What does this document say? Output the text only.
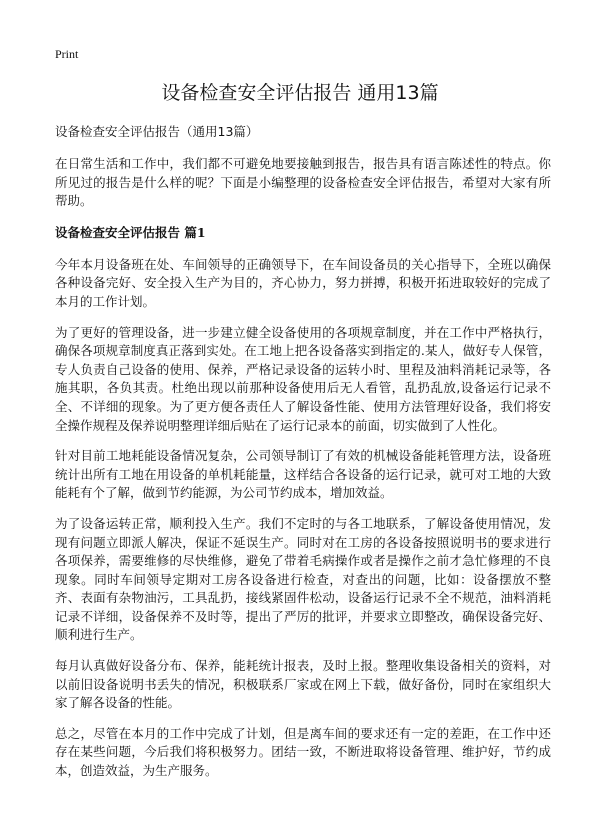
Print
设备检查安全评估报告 通用13篇

设备检查安全评估报告（通用13篇）

在日常生活和工作中，我们都不可避免地要接触到报告，报告具有语言陈述性的特点。你所见过的报告是什么样的呢？下面是小编整理的设备检查安全评估报告，希望对大家有所帮助。

设备检查安全评估报告 篇1

今年本月设备班在处、车间领导的正确领导下，在车间设备员的关心指导下，全班以确保各种设备完好、安全投入生产为目的，齐心协力，努力拼搏，积极开拓进取较好的完成了本月的工作计划。

为了更好的管理设备，进一步建立健全设备使用的各项规章制度，并在工作中严格执行，确保各项规章制度真正落到实处。在工地上把各设备落实到指定的.某人，做好专人保管，专人负责自己设备的使用、保养，严格记录设备的运转小时、里程及油料消耗记录等，各施其职，各负其责。杜绝出现以前那种设备使用后无人看管，乱扔乱放,设备运行记录不全、不详细的现象。为了更方便各责任人了解设备性能、使用方法管理好设备，我们将安全操作规程及保养说明整理详细后贴在了运行记录本的前面，切实做到了人性化。

针对目前工地耗能设备情况复杂，公司领导制订了有效的机械设备能耗管理方法，设备班统计出所有工地在用设备的单机耗能量，这样结合各设备的运行记录，就可对工地的大致能耗有个了解，做到节约能源，为公司节约成本，增加效益。

为了设备运转正常，顺利投入生产。我们不定时的与各工地联系，了解设备使用情况，发现有问题立即派人解决，保证不延误生产。同时对在工房的各设备按照说明书的要求进行各项保养，需要维修的尽快维修，避免了带着毛病操作或者是操作之前才急忙修理的不良现象。同时车间领导定期对工房各设备进行检查，对查出的问题，比如：设备摆放不整齐、表面有杂物油污，工具乱扔，接线紧固件松动，设备运行记录不全不规范，油料消耗记录不详细，设备保养不及时等，提出了严厉的批评，并要求立即整改，确保设备完好、顺利进行生产。

每月认真做好设备分布、保养，能耗统计报表，及时上报。整理收集设备相关的资料，对以前旧设备说明书丢失的情况，积极联系厂家或在网上下载，做好备份，同时在家组织大家了解各设备的性能。

总之，尽管在本月的工作中完成了计划，但是离车间的要求还有一定的差距，在工作中还存在某些问题，今后我们将积极努力。团结一致，不断进取将设备管理、维护好，节约成本，创造效益，为生产服务。
